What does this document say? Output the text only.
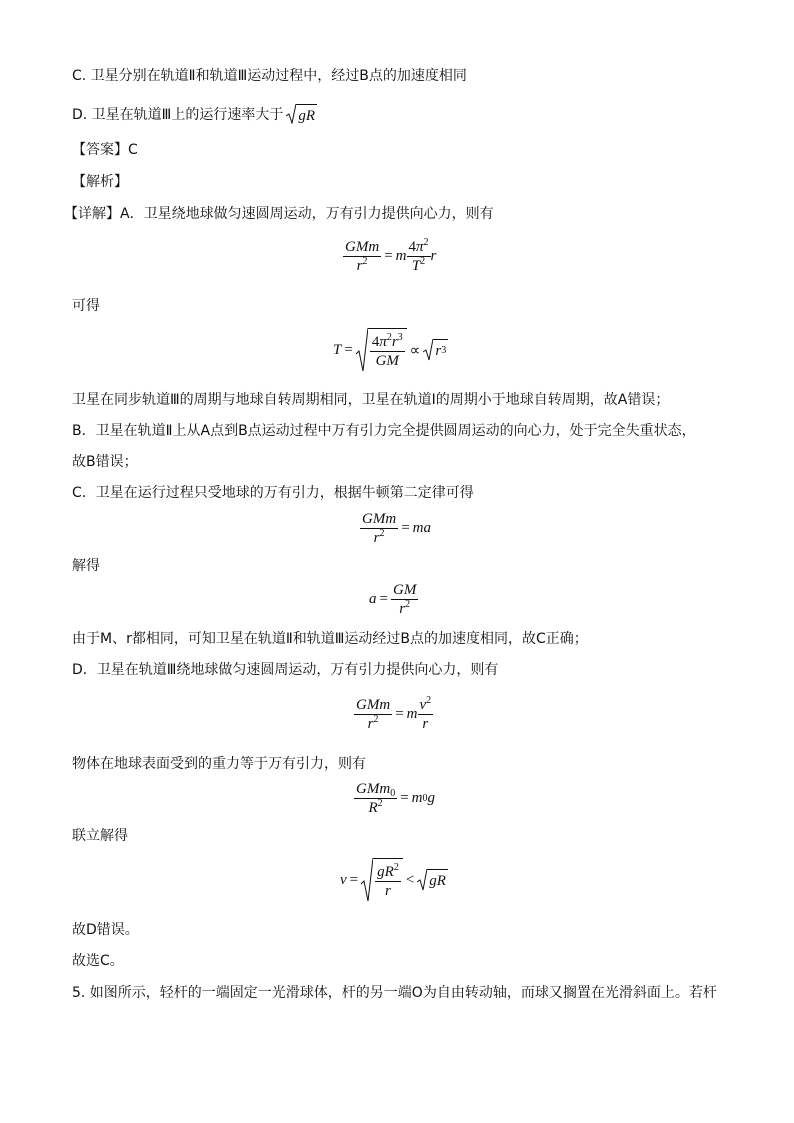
C. 卫星分别在轨道Ⅱ和轨道Ⅲ运动过程中，经过B点的加速度相同
D. 卫星在轨道Ⅲ上的运行速率大于 g R
【答案】C
【解析】
【详解】A．卫星绕地球做匀速圆周运动，万有引力提供向心力，则有
$\frac{\text{GMm}}{r^2} = m \frac{4\pi^2}{T^2}$ r
可得
$T = \frac{4\pi^2r^3}{GM} \propto r$ 3
卫星在同步轨道Ⅲ的周期与地球自转周期相同，卫星在轨道Ⅰ的周期小于地球自转周期，故A错误；
B．卫星在轨道Ⅱ上从A点到B点运动过程中万有引力完全提供圆周运动的向心力，处于完全失重状态，
故B错误；
C．卫星在运行过程只受地球的万有引力，根据牛顿第二定律可得
$\frac{\text{GMm}}{r^2} = m$ a
解得
$a = \frac{GM}{r^2}$
由于M、r都相同，可知卫星在轨道Ⅱ和轨道Ⅲ运动经过B点的加速度相同，故C正确；
D．卫星在轨道Ⅲ绕地球做匀速圆周运动，万有引力提供向心力，则有
$\frac{\text{GMm}}{r^2} = m \frac{v^2}{r}$
物体在地球表面受到的重力等于万有引力，则有
$\frac{GMm_0}{R^2} = m$ 0 g
联立解得
$v = \frac{gR^2}{r} < g$ R
故D错误。
故选C。
5. 如图所示，轻杆的一端固定一光滑球体，杆的另一端O为自由转动轴，而球又搁置在光滑斜面上。若杆
